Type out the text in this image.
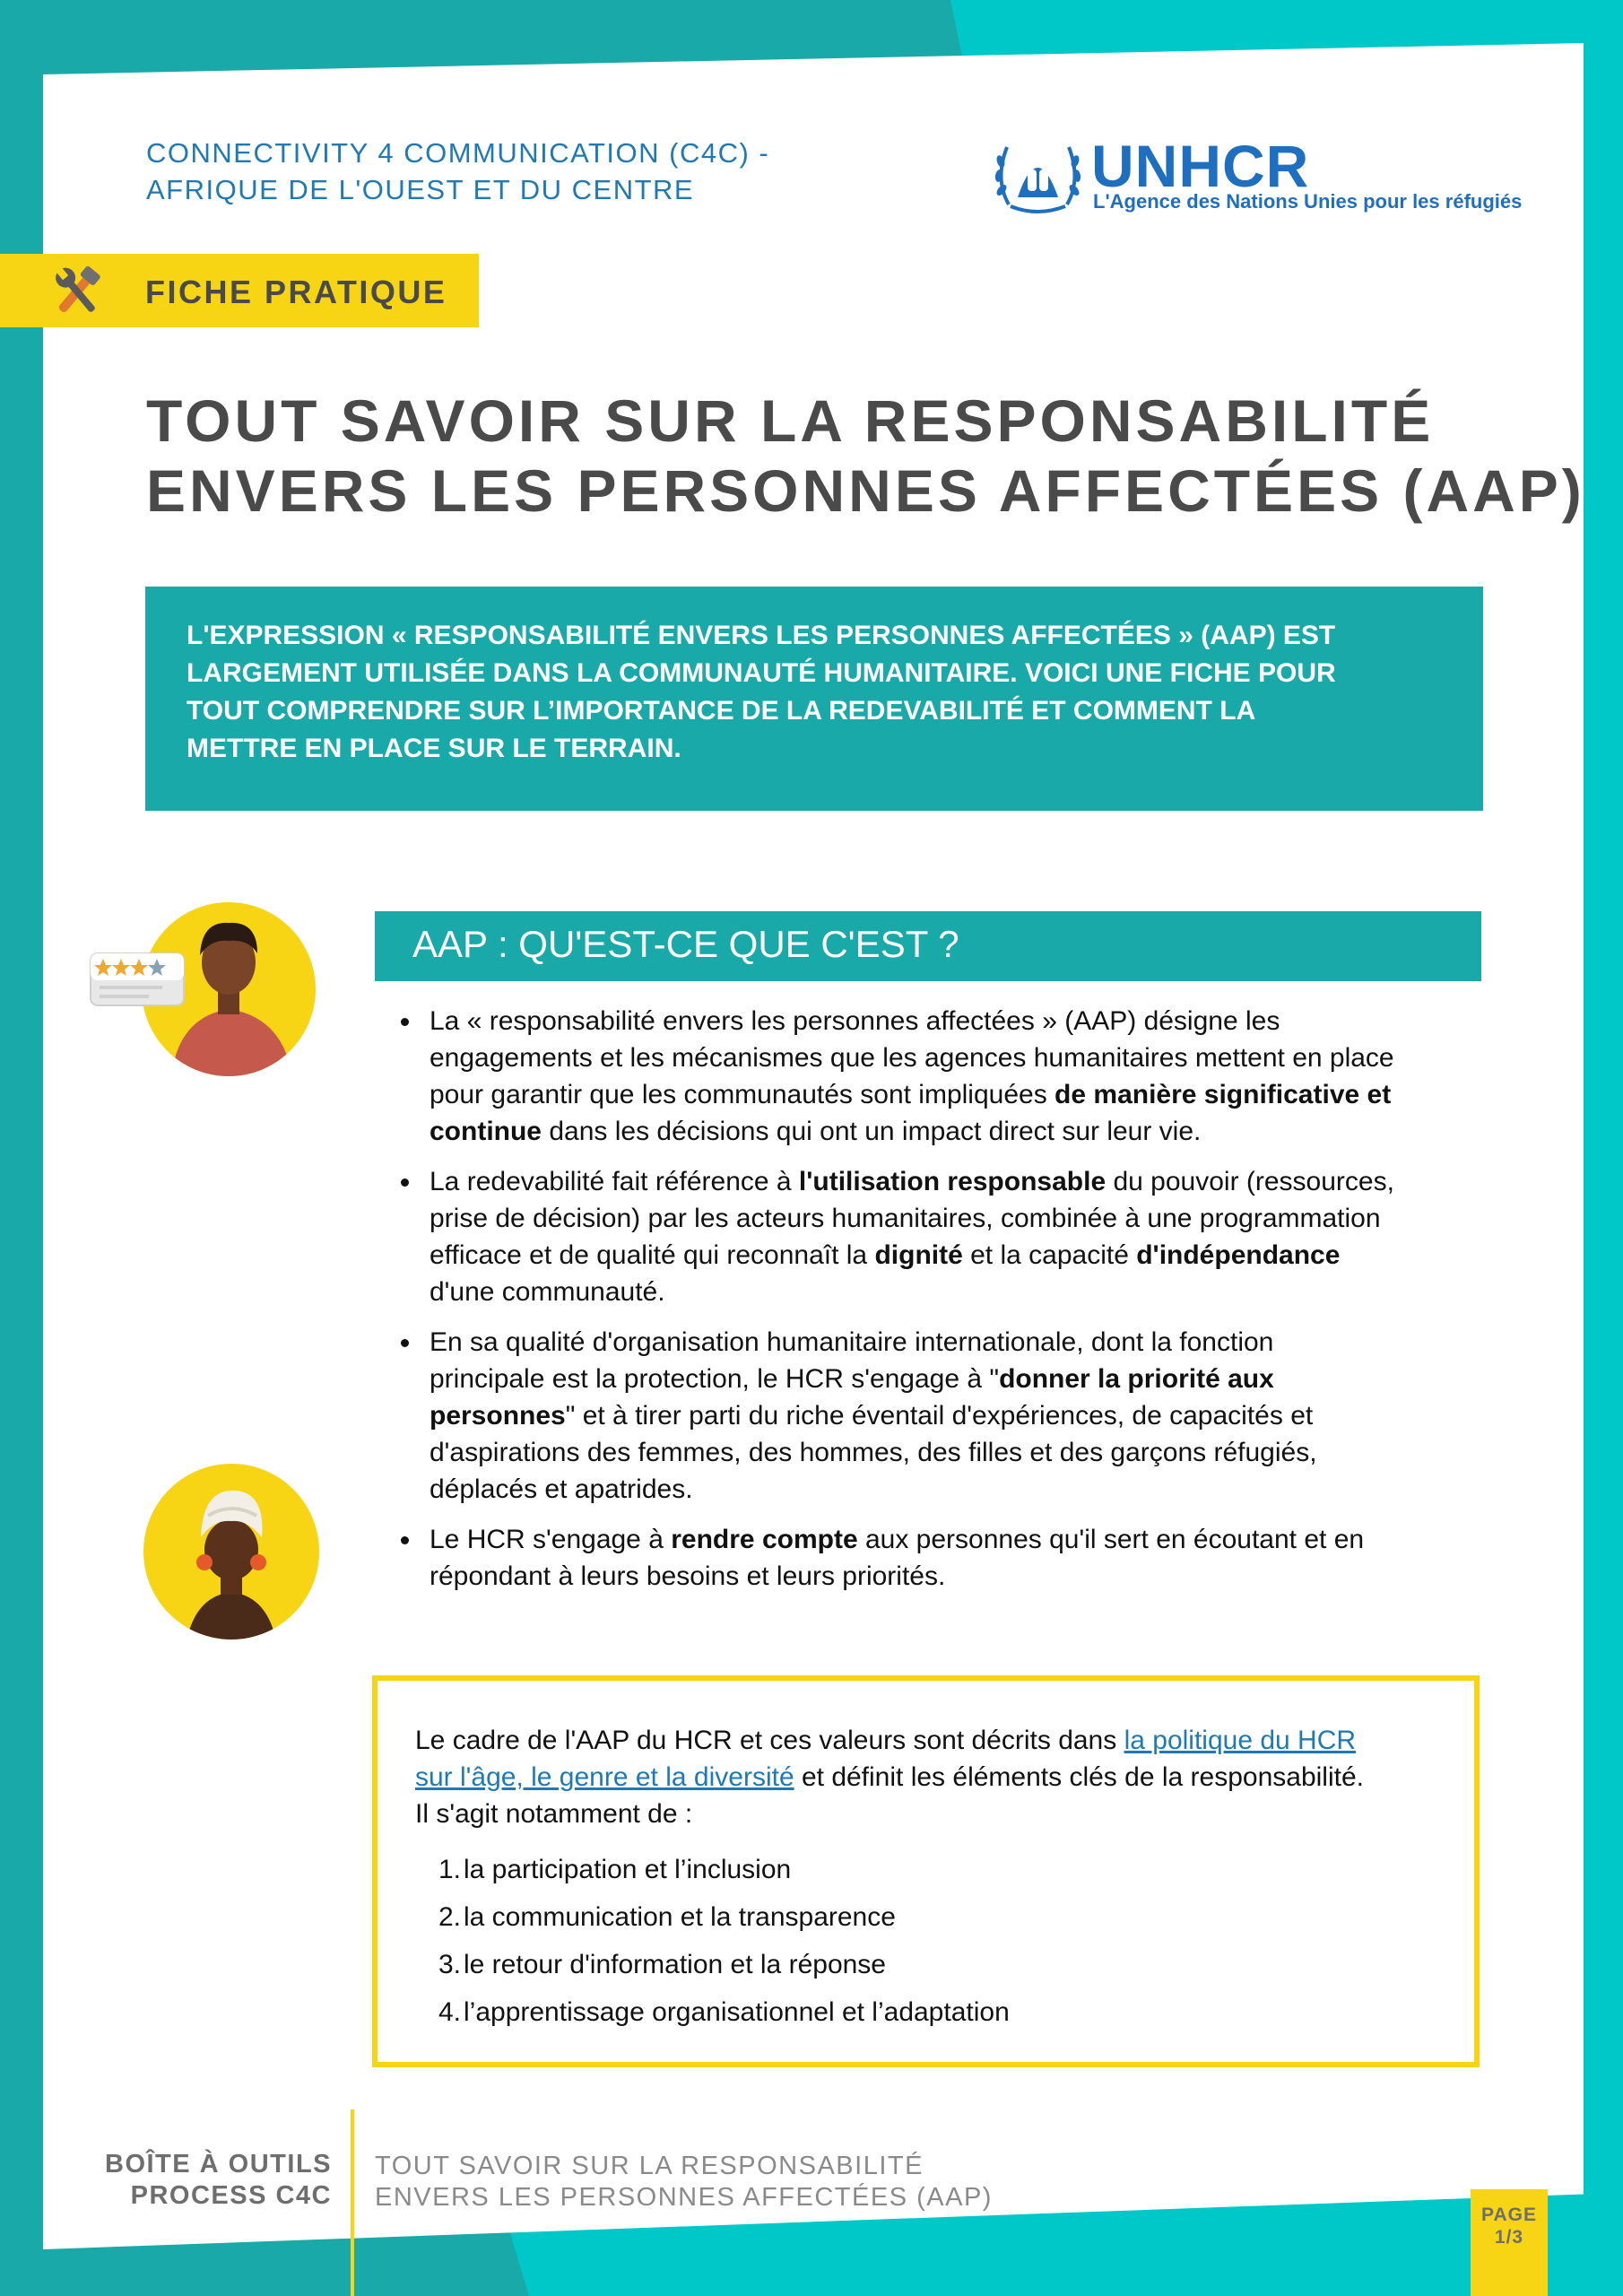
CONNECTIVITY 4 COMMUNICATION (C4C) -
AFRIQUE DE L'OUEST ET DU CENTRE	UNHCR
L'Agence des Nations Unies pour les réfugiés
FICHE PRATIQUE
TOUT SAVOIR SUR LA RESPONSABILITÉ
ENVERS LES PERSONNES AFFECTÉES (AAP)

L'EXPRESSION « RESPONSABILITÉ ENVERS LES PERSONNES AFFECTÉES » (AAP) EST
LARGEMENT UTILISÉE DANS LA COMMUNAUTÉ HUMANITAIRE. VOICI UNE FICHE POUR
TOUT COMPRENDRE SUR L’IMPORTANCE DE LA REDEVABILITÉ ET COMMENT LA
METTRE EN PLACE SUR LE TERRAIN.

AAP : QU'EST-CE QUE C'EST ?
La « responsabilité envers les personnes affectées » (AAP) désigne les
engagements et les mécanismes que les agences humanitaires mettent en place
pour garantir que les communautés sont impliquées de manière significative et
continue dans les décisions qui ont un impact direct sur leur vie.
La redevabilité fait référence à l'utilisation responsable du pouvoir (ressources,
prise de décision) par les acteurs humanitaires, combinée à une programmation
efficace et de qualité qui reconnaît la dignité et la capacité d'indépendance
d'une communauté.
En sa qualité d'organisation humanitaire internationale, dont la fonction
principale est la protection, le HCR s'engage à "donner la priorité aux
personnes" et à tirer parti du riche éventail d'expériences, de capacités et
d'aspirations des femmes, des hommes, des filles et des garçons réfugiés,
déplacés et apatrides.
Le HCR s'engage à rendre compte aux personnes qu'il sert en écoutant et en
répondant à leurs besoins et leurs priorités.
Le cadre de l'AAP du HCR et ces valeurs sont décrits dans la politique du HCR
sur l'âge, le genre et la diversité et définit les éléments clés de la responsabilité.
Il s'agit notamment de :
1.la participation et l’inclusion
2.la communication et la transparence
3.le retour d'information et la réponse
4.l’apprentissage organisationnel et l’adaptation
BOÎTE À OUTILS
PROCESS C4C
TOUT SAVOIR SUR LA RESPONSABILITÉ
ENVERS LES PERSONNES AFFECTÉES (AAP)
PAGE
1/3
